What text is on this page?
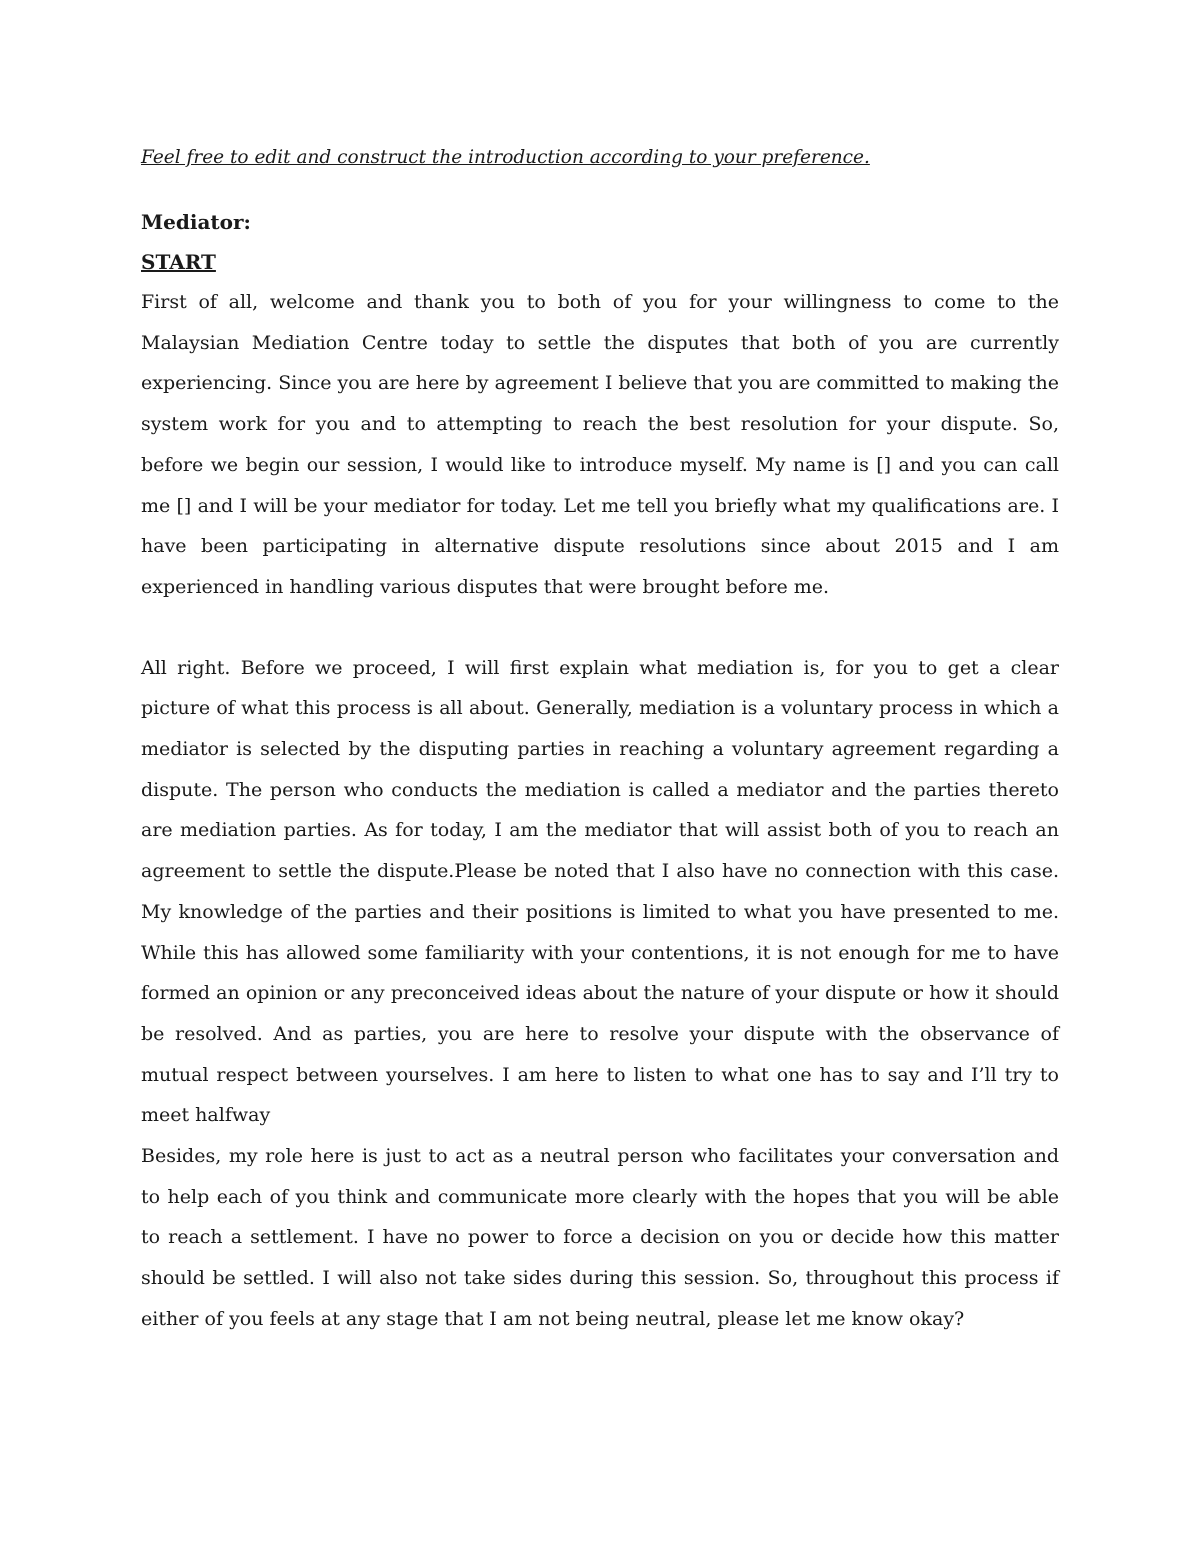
Feel free to edit and construct the introduction according to your preference.

Mediator:

START

First of all, welcome and thank you to both of you for your willingness to come to the Malaysian Mediation Centre today to settle the disputes that both of you are currently experiencing. Since you are here by agreement I believe that you are committed to making the system work for you and to attempting to reach the best resolution for your dispute. So, before we begin our session, I would like to introduce myself. My name is [] and you can call me [] and I will be your mediator for today. Let me tell you briefly what my qualifications are. I have been participating in alternative dispute resolutions since about 2015 and I am experienced in handling various disputes that were brought before me.

All right. Before we proceed, I will first explain what mediation is, for you to get a clear picture of what this process is all about. Generally, mediation is a voluntary process in which a mediator is selected by the disputing parties in reaching a voluntary agreement regarding a dispute. The person who conducts the mediation is called a mediator and the parties thereto are mediation parties. As for today, I am the mediator that will assist both of you to reach an agreement to settle the dispute.Please be noted that I also have no connection with this case. My knowledge of the parties and their positions is limited to what you have presented to me. While this has allowed some familiarity with your contentions, it is not enough for me to have formed an opinion or any preconceived ideas about the nature of your dispute or how it should be resolved. And as parties, you are here to resolve your dispute with the observance of mutual respect between yourselves. I am here to listen to what one has to say and I’ll try to meet halfway

Besides, my role here is just to act as a neutral person who facilitates your conversation and to help each of you think and communicate more clearly with the hopes that you will be able to reach a settlement. I have no power to force a decision on you or decide how this matter should be settled. I will also not take sides during this session. So, throughout this process if either of you feels at any stage that I am not being neutral, please let me know okay?
